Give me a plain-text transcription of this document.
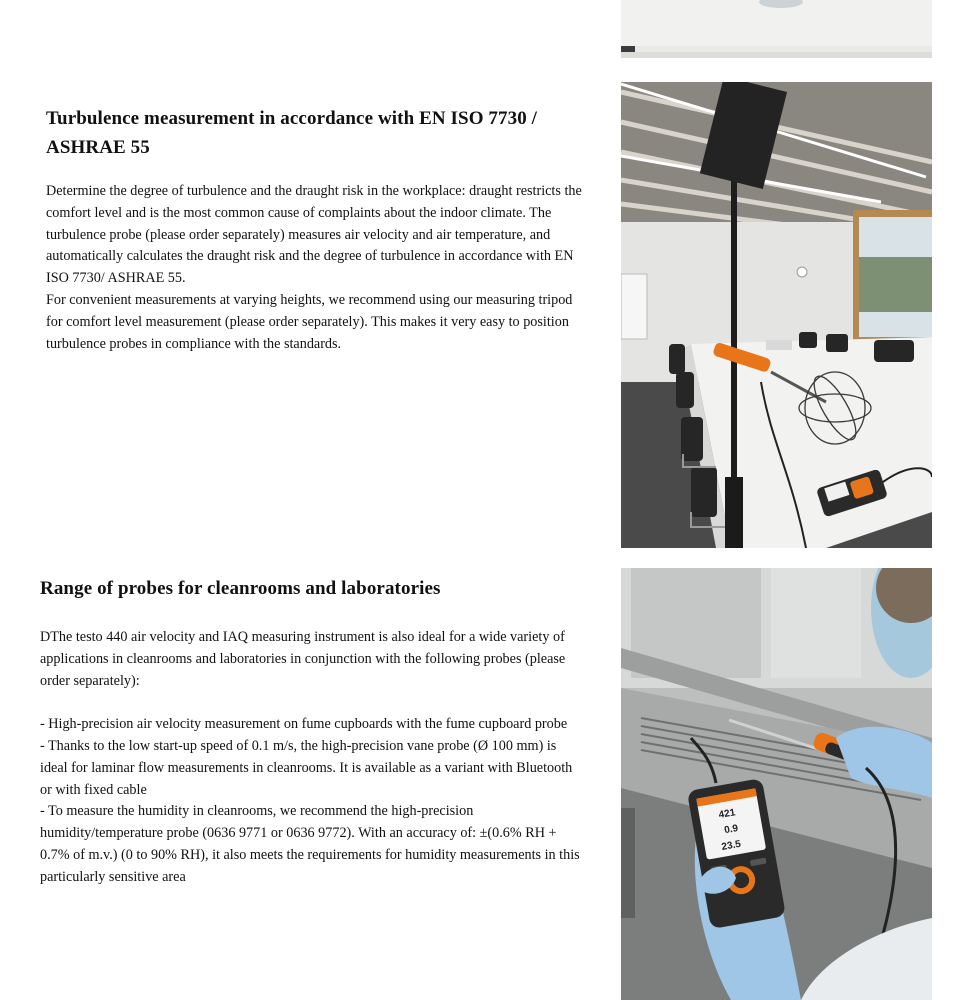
Turbulence measurement in accordance with EN ISO 7730 / ASHRAE 55

Determine the degree of turbulence and the draught risk in the workplace: draught restricts the comfort level and is the most common cause of complaints about the indoor climate. The turbulence probe (please order separately) measures air velocity and air temperature, and automatically calculates the draught risk and the degree of turbulence in accordance with EN ISO 7730/ ASHRAE 55.

For convenient measurements at varying heights, we recommend using our measuring tripod for comfort level measurement (please order separately). This makes it very easy to position turbulence probes in compliance with the standards.

Range of probes for cleanrooms and laboratories

DThe testo 440 air velocity and IAQ measuring instrument is also ideal for a wide variety of applications in cleanrooms and laboratories in conjunction with the following probes (please order separately):

- High-precision air velocity measurement on fume cupboards with the fume cupboard probe

- Thanks to the low start-up speed of 0.1 m/s, the high-precision vane probe (Ø 100 mm) is ideal for laminar flow measurements in cleanrooms. It is available as a variant with Bluetooth or with fixed cable

- To measure the humidity in cleanrooms, we recommend the high-precision humidity/temperature probe (0636 9771 or 0636 9772). With an accuracy of: ±(0.6% RH + 0.7% of m.v.) (0 to 90% RH), it also meets the requirements for humidity measurements in this particularly sensitive area

421
0.9
23.5
